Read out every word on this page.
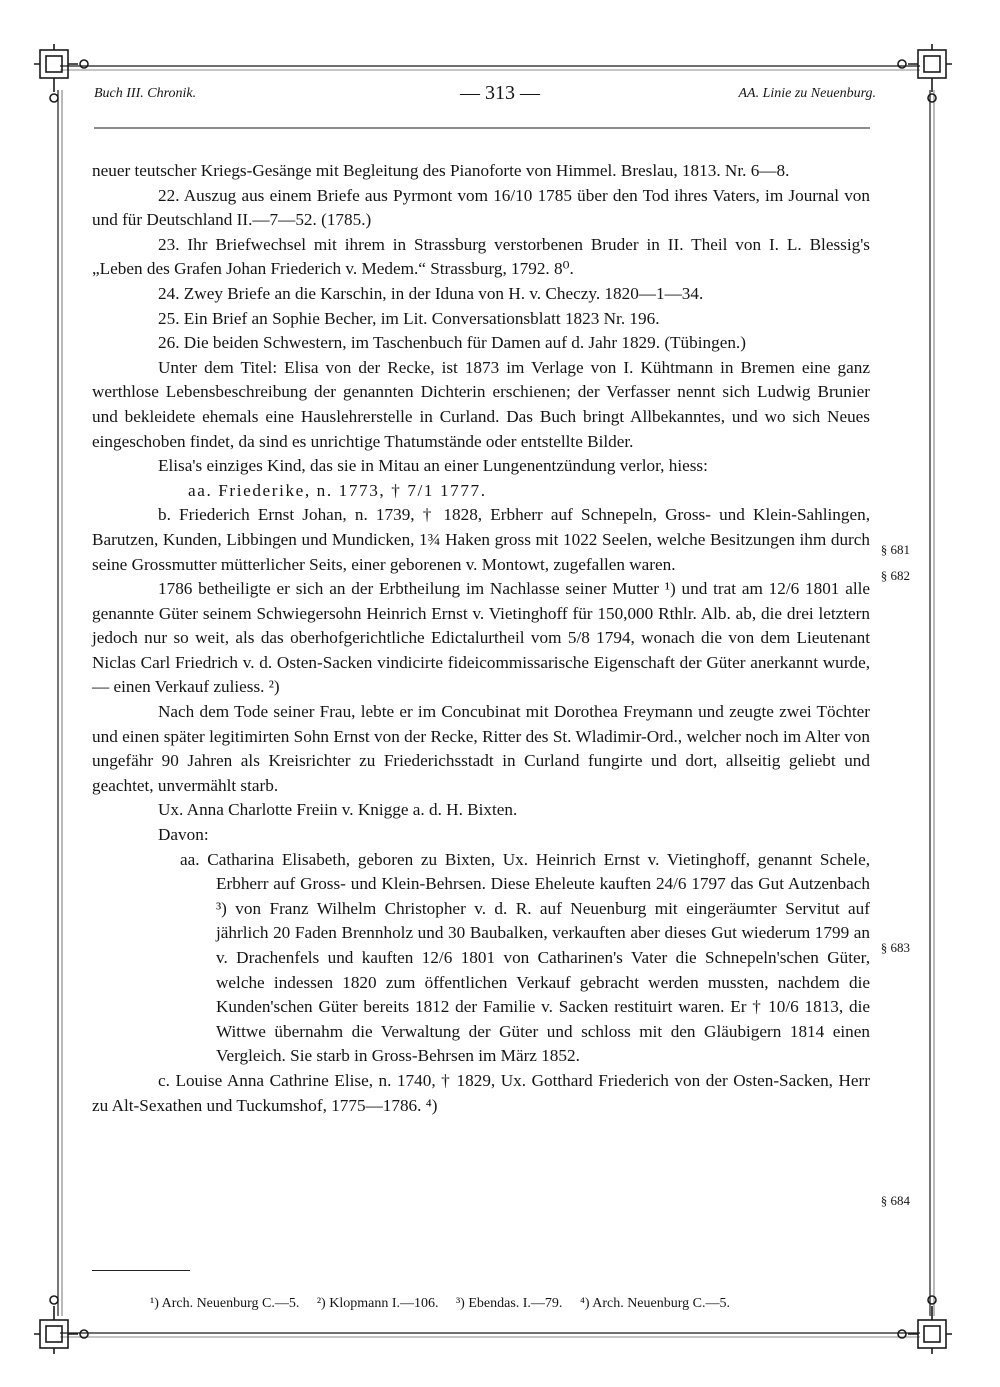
Buch III. Chronik.	— 313 —	AA. Linie zu Neuenburg.

neuer teutscher Kriegs-Gesänge mit Begleitung des Pianoforte von Himmel. Breslau, 1813. Nr. 6—8.

22. Auszug aus einem Briefe aus Pyrmont vom 16/10 1785 über den Tod ihres Vaters, im Journal von und für Deutschland II.—7—52. (1785.)

23. Ihr Briefwechsel mit ihrem in Strassburg verstorbenen Bruder in II. Theil von I. L. Blessig's „Leben des Grafen Johan Friederich v. Medem.“ Strassburg, 1792. 8⁰.

24. Zwey Briefe an die Karschin, in der Iduna von H. v. Checzy. 1820—1—34.

25. Ein Brief an Sophie Becher, im Lit. Conversationsblatt 1823 Nr. 196.

26. Die beiden Schwestern, im Taschenbuch für Damen auf d. Jahr 1829. (Tübingen.)

Unter dem Titel: Elisa von der Recke, ist 1873 im Verlage von I. Kühtmann in Bremen eine ganz werthlose Lebensbeschreibung der genannten Dichterin erschienen; der Verfasser nennt sich Ludwig Brunier und bekleidete ehemals eine Hauslehrerstelle in Curland. Das Buch bringt Allbekanntes, und wo sich Neues eingeschoben findet, da sind es unrichtige Thatumstände oder entstellte Bilder.

Elisa's einziges Kind, das sie in Mitau an einer Lungenentzündung verlor, hiess:

aa. Friederike, n. 1773, † 7/1 1777.

b. Friederich Ernst Johan, n. 1739, † 1828, Erbherr auf Schnepeln, Gross- und Klein-Sahlingen, Barutzen, Kunden, Libbingen und Mundicken, 1¾ Haken gross mit 1022 Seelen, welche Besitzungen ihm durch seine Grossmutter mütterlicher Seits, einer geborenen v. Montowt, zugefallen waren.

1786 betheiligte er sich an der Erbtheilung im Nachlasse seiner Mutter ¹) und trat am 12/6 1801 alle genannte Güter seinem Schwiegersohn Heinrich Ernst v. Vietinghoff für 150,000 Rthlr. Alb. ab, die drei letztern jedoch nur so weit, als das oberhofgerichtliche Edictalurtheil vom 5/8 1794, wonach die von dem Lieutenant Niclas Carl Friedrich v. d. Osten-Sacken vindicirte fideicommissarische Eigenschaft der Güter anerkannt wurde, — einen Verkauf zuliess. ²)

Nach dem Tode seiner Frau, lebte er im Concubinat mit Dorothea Freymann und zeugte zwei Töchter und einen später legitimirten Sohn Ernst von der Recke, Ritter des St. Wladimir-Ord., welcher noch im Alter von ungefähr 90 Jahren als Kreisrichter zu Friederichsstadt in Curland fungirte und dort, allseitig geliebt und geachtet, unvermählt starb.

Ux. Anna Charlotte Freiin v. Knigge a. d. H. Bixten.

Davon:

aa. Catharina Elisabeth, geboren zu Bixten, Ux. Heinrich Ernst v. Vietinghoff, genannt Schele, Erbherr auf Gross- und Klein-Behrsen. Diese Eheleute kauften 24/6 1797 das Gut Autzenbach ³) von Franz Wilhelm Christopher v. d. R. auf Neuenburg mit eingeräumter Servitut auf jährlich 20 Faden Brennholz und 30 Baubalken, verkauften aber dieses Gut wiederum 1799 an v. Drachenfels und kauften 12/6 1801 von Catharinen's Vater die Schnepeln'schen Güter, welche indessen 1820 zum öffentlichen Verkauf gebracht werden mussten, nachdem die Kunden'schen Güter bereits 1812 der Familie v. Sacken restituirt waren. Er † 10/6 1813, die Wittwe übernahm die Verwaltung der Güter und schloss mit den Gläubigern 1814 einen Vergleich. Sie starb in Gross-Behrsen im März 1852.

c. Louise Anna Cathrine Elise, n. 1740, † 1829, Ux. Gotthard Friederich von der Osten-Sacken, Herr zu Alt-Sexathen und Tuckumshof, 1775—1786. ⁴)

§ 681
§ 682
§ 683
§ 684
¹) Arch. Neuenburg C.—5. ²) Klopmann I.—106. ³) Ebendas. I.—79. ⁴) Arch. Neuenburg C.—5.
